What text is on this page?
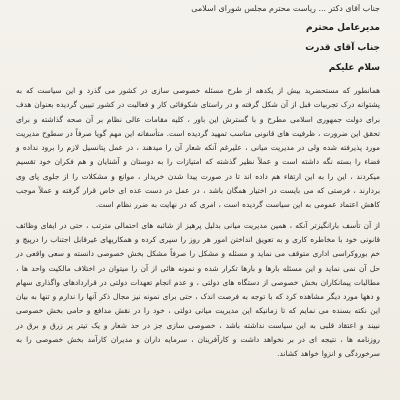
جناب آقای دکتر ... ریاست محترم مجلس شورای اسلامی

مدیرعامل محترم

جناب آقای قدرت

سلام علیکم

همانطور که مستحضرید بیش از یکدهه از طرح مسئله خصوصی سازی در کشور می گذرد و این سیاست که به پشتوانه درک تجربیات قبل از آن شکل گرفته و در راستای شکوفائی کار و فعالیت در کشور تبیین گردیده بعنوان هدف برای دولت جمهوری اسلامی مطرح و با گسترش این باور ، کلیه مقامات عالی نظام بر آن صحه گذاشته و برای تحقق این ضرورت ، ظرفیت های قانونی مناسب تمهید گردیده است. متأسفانه این مهم گویا صرفاً در سطوح مدیریت مورد پذیرفته شده ولی در مدیریت میانی ، علیرغم آنکه شعار آن را میدهند ، در عمل پتانسیل لازم را برود نداده و فضاء را بسته نگه داشته است و عملاً نظیر گذشته که امتیازات را به دوستان و آشنایان و هم فکران خود تقسیم میکردند ، این را به این ارتقاء هم داده اند تا در صورت پیدا شدن خریدار ، موانع و مشکلات را از جلوی پای وی بردارند ، فرصتی که می بایست در اختیار همگان باشد ، در عمل در دست عده ای خاص قرار گرفته و عملاً موجب کاهش اعتماد عمومی به این سیاست گردیده است ، امری که در نهایت به ضرر نظام است.

از آن تأسف بارانگیزتر آنکه ، همین مدیریت میانی بدلیل پرهیز از شائبه های احتمالی مترتب ، حتی در ایفای وظائف قانونی خود با مخاطره کاری و به تعویق انداختن امور هر روز را سپری کرده و همکاریهای غیرقابل اجتناب را درپیچ و خم بوروکراسی اداری متوقف می نماید و مسئله و مشکل را صرفاً مشکل بخش خصوصی دانسته و سعی واقعی در حل آن نمی نماید و این مسئله بارها و بارها تکرار شده و نمونه هائی از آن را میتوان در اختلاف مالکیت واحد ها ، مطالبات پیمانکاران بخش خصوصی از دستگاه های دولتی ، و عدم انجام تعهدات دولتی در قراردادهای واگذاری سهام و دهها مورد دیگر مشاهده کرد که با توجه به فرصت اندک ، حتی برای نمونه نیز مجال ذکر آنها را ندارم و تنها به بیان این نکته بسنده می نمایم که تا زمانیکه این مدیریت میانی دولتی ، خود را در نقش مدافع و حامی بخش خصوصی نبیند و اعتقاد قلبی به این سیاست نداشته باشد ، خصوصی سازی جز در حد شعار و یک تیتر پر زرق و برق در روزنامه ها ، نتیجه ای در بر نخواهد داشت و کارآفرینان ، سرمایه داران و مدیران کارآمد بخش خصوصی را به سرخوردگی و انزوا خواهد کشاند.
